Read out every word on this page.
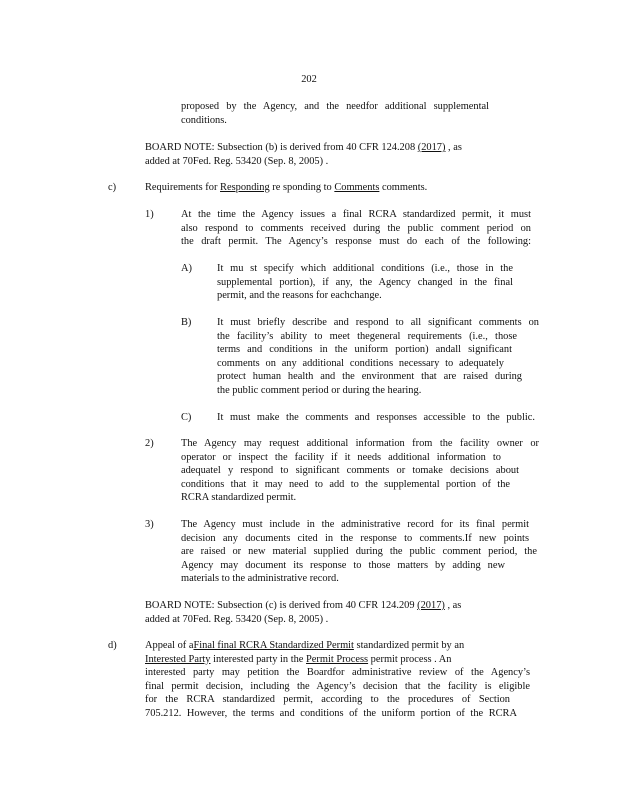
202
proposed by the Agency, and the needfor additional supplemental
conditions.
BOARD NOTE: Subsection (b) is derived from 40 CFR 124.208 (2017) , as
added at 70Fed. Reg. 53420 (Sep. 8, 2005) .
c)	Requirements for Responding re sponding to Comments comments.
1)	At the time the Agency issues a final RCRA standardized permit, it must
also respond to comments received during the public comment period on
the draft permit. The Agency’s response must do each of the following:
A) It mu st specify which additional conditions (i.e., those in the
supplemental portion), if any, the Agency changed in the final
permit, and the reasons for eachchange.
B) It must briefly describe and respond to all significant comments on
the facility’s ability to meet thegeneral requirements (i.e., those
terms and conditions in the uniform portion) andall significant
comments on any additional conditions necessary to adequately
protect human health and the environment that are raised during
the public comment period or during the hearing.
C) It must make the comments and responses accessible to the public.
2)	The Agency may request additional information from the facility owner or
operator or inspect the facility if it needs additional information to
adequatel y respond to significant comments or tomake decisions about
conditions that it may need to add to the supplemental portion of the
RCRA standardized permit.
3)	The Agency must include in the administrative record for its final permit
decision any documents cited in the response to comments.If new points
are raised or new material supplied during the public comment period, the
Agency may document its response to those matters by adding new
materials to the administrative record.
BOARD NOTE: Subsection (c) is derived from 40 CFR 124.209 (2017) , as
added at 70Fed. Reg. 53420 (Sep. 8, 2005) .
d)	Appeal of aFinal final RCRA Standardized Permit standardized permit by an
Interested Party interested party in the Permit Process permit process . An
interested party may petition the Boardfor administrative review of the Agency’s
final permit decision, including the Agency’s decision that the facility is eligible
for the RCRA standardized permit, according to the procedures of Section
705.212. However, the terms and conditions of the uniform portion of the RCRA
